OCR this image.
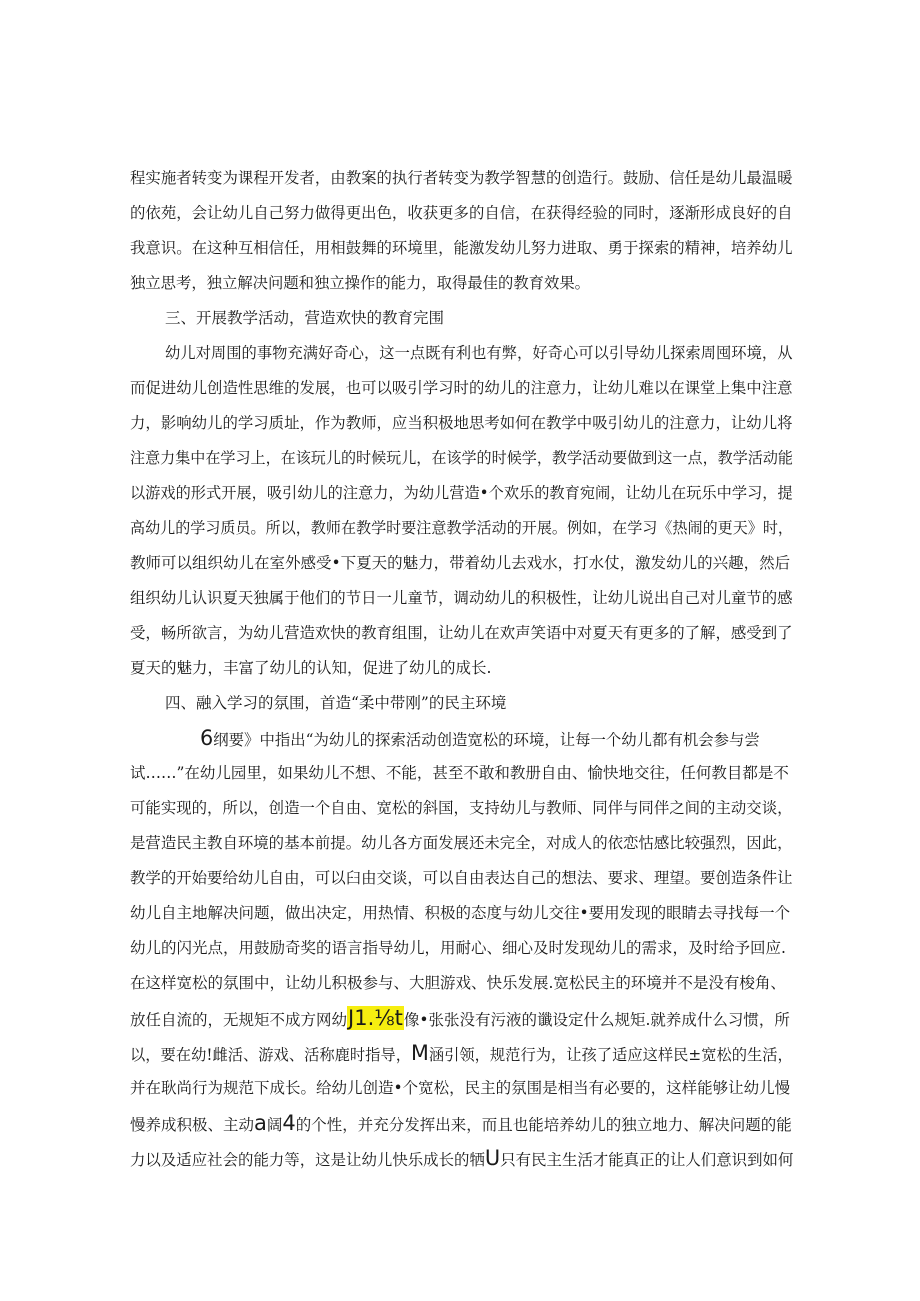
程实施者转变为课程开发者，由教案的执行者转变为教学智慧的创造行。鼓励、信任是幼儿最温暖
的依苑，会让幼儿自己努力做得更出色，收获更多的自信，在获得经验的同时，逐渐形成良好的自
我意识。在这种互相信任，用相鼓舞的环境里，能激发幼儿努力进取、勇于探索的精神，培养幼儿
独立思考，独立解决问题和独立操作的能力，取得最佳的教育效果。
三、开展教学活动，营造欢快的教育完围
幼儿对周围的事物充满好奇心，这一点既有利也有弊，好奇心可以引导幼儿探索周囤环境，从
而促进幼儿创造性思维的发展，也可以吸引学习时的幼儿的注意力，让幼儿难以在课堂上集中注意
力，影响幼儿的学习质址，作为教师，应当积极地思考如何在教学中吸引幼儿的注意力，让幼儿将
注意力集中在学习上，在该玩儿的时候玩儿，在该学的时候学，教学活动要做到这一点，教学活动能
以游戏的形式开展，吸引幼儿的注意力，为幼儿营造•个欢乐的教育宛闹，让幼儿在玩乐中学习，提
高幼儿的学习质员。所以，教师在教学时要注意教学活动的开展。例如，在学习《热闹的更天》时，
教师可以组织幼儿在室外感受•下夏天的魅力，带着幼儿去戏水，打水仗，激发幼儿的兴趣，然后
组织幼儿认识夏天独属于他们的节日一儿童节，调动幼儿的积极性，让幼儿说出自己对儿童节的感
受，畅所欲言，为幼儿营造欢快的教育组围，让幼儿在欢声笑语中对夏天有更多的了解，感受到了
夏天的魅力，丰富了幼儿的认知，促进了幼儿的成长.
四、融入学习的氛围，首造“柔中带刚”的民主环境
6纲要》中指出“为幼儿的探索活动创造宽松的环境，让每一个幼儿都有机会参与尝
试……”在幼儿园里，如果幼儿不想、不能，甚至不敢和教册自由、愉快地交往，任何教目都是不
可能实现的，所以，创造一个自由、宽松的斜国，支持幼儿与教师、同伴与同伴之间的主动交谈，
是营造民主教自环境的基本前提。幼儿各方面发展还未完全，对成人的依恋怙感比较强烈，因此，
教学的开始要给幼儿自由，可以臼由交谈，可以自由表达自己的想法、要求、理望。要创造条件让
幼儿自主地解决问题，做出决定，用热情、积极的态度与幼儿交往•要用发现的眼睛去寻找每一个
幼儿的闪光点，用鼓励奇奖的语言指导幼儿，用耐心、细心及时发现幼儿的需求，及时给予回应.
在这样宽松的氛围中，让幼儿积极参与、大胆游戏、快乐发展.宽松民主的环境并不是没有梭角、
放任自流的，无规矩不成方网幼J1.⅛t像•张张没有污液的谶设定什么规矩.就养成什么习惯，所
以，要在幼!雌活、游戏、活称鹿时指导，M涵引领，规范行为，让孩了适应这样民±宽松的生活，
并在耿尚行为规范下成长。给幼儿创造•个宽松，民主的氛围是相当有必要的，这样能够让幼儿慢
慢养成积极、主动a阔4的个性，并充分发挥出来，而且也能培养幼儿的独立地力、解决问题的能
力以及适应社会的能力等，这是让幼儿快乐成长的牺U只有民主生活才能真正的让人们意识到如何
